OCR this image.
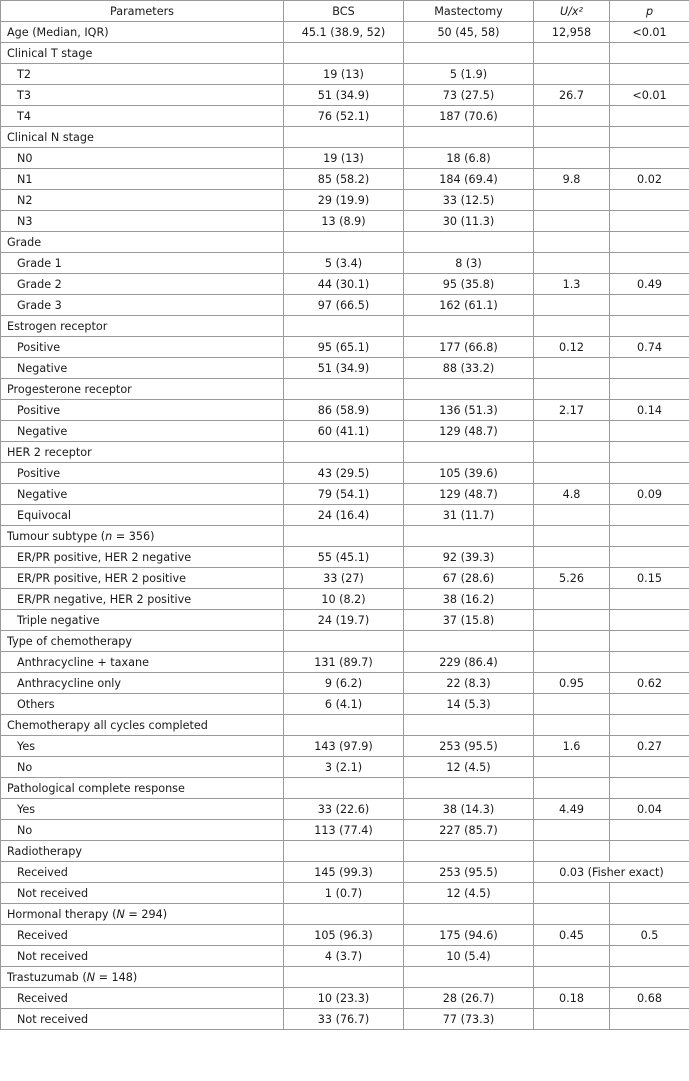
Parameters	BCS	Mastectomy	U/x²	p
Age (Median, IQR)	45.1 (38.9, 52)	50 (45, 58)	12,958	<0.01
Clinical T stage				
T2	19 (13)	5 (1.9)		
T3	51 (34.9)	73 (27.5)	26.7	<0.01
T4	76 (52.1)	187 (70.6)		
Clinical N stage				
N0	19 (13)	18 (6.8)		
N1	85 (58.2)	184 (69.4)	9.8	0.02
N2	29 (19.9)	33 (12.5)		
N3	13 (8.9)	30 (11.3)		
Grade				
Grade 1	5 (3.4)	8 (3)		
Grade 2	44 (30.1)	95 (35.8)	1.3	0.49
Grade 3	97 (66.5)	162 (61.1)		
Estrogen receptor				
Positive	95 (65.1)	177 (66.8)	0.12	0.74
Negative	51 (34.9)	88 (33.2)		
Progesterone receptor				
Positive	86 (58.9)	136 (51.3)	2.17	0.14
Negative	60 (41.1)	129 (48.7)		
HER 2 receptor				
Positive	43 (29.5)	105 (39.6)		
Negative	79 (54.1)	129 (48.7)	4.8	0.09
Equivocal	24 (16.4)	31 (11.7)		
Tumour subtype (n = 356)				
ER/PR positive, HER 2 negative	55 (45.1)	92 (39.3)		
ER/PR positive, HER 2 positive	33 (27)	67 (28.6)	5.26	0.15
ER/PR negative, HER 2 positive	10 (8.2)	38 (16.2)		
Triple negative	24 (19.7)	37 (15.8)		
Type of chemotherapy				
Anthracycline + taxane	131 (89.7)	229 (86.4)		
Anthracycline only	9 (6.2)	22 (8.3)	0.95	0.62
Others	6 (4.1)	14 (5.3)		
Chemotherapy all cycles completed				
Yes	143 (97.9)	253 (95.5)	1.6	0.27
No	3 (2.1)	12 (4.5)		
Pathological complete response				
Yes	33 (22.6)	38 (14.3)	4.49	0.04
No	113 (77.4)	227 (85.7)		
Radiotherapy				
Received	145 (99.3)	253 (95.5)	0.03 (Fisher exact)	
Not received	1 (0.7)	12 (4.5)		
Hormonal therapy (N = 294)				
Received	105 (96.3)	175 (94.6)	0.45	0.5
Not received	4 (3.7)	10 (5.4)		
Trastuzumab (N = 148)				
Received	10 (23.3)	28 (26.7)	0.18	0.68
Not received	33 (76.7)	77 (73.3)		
